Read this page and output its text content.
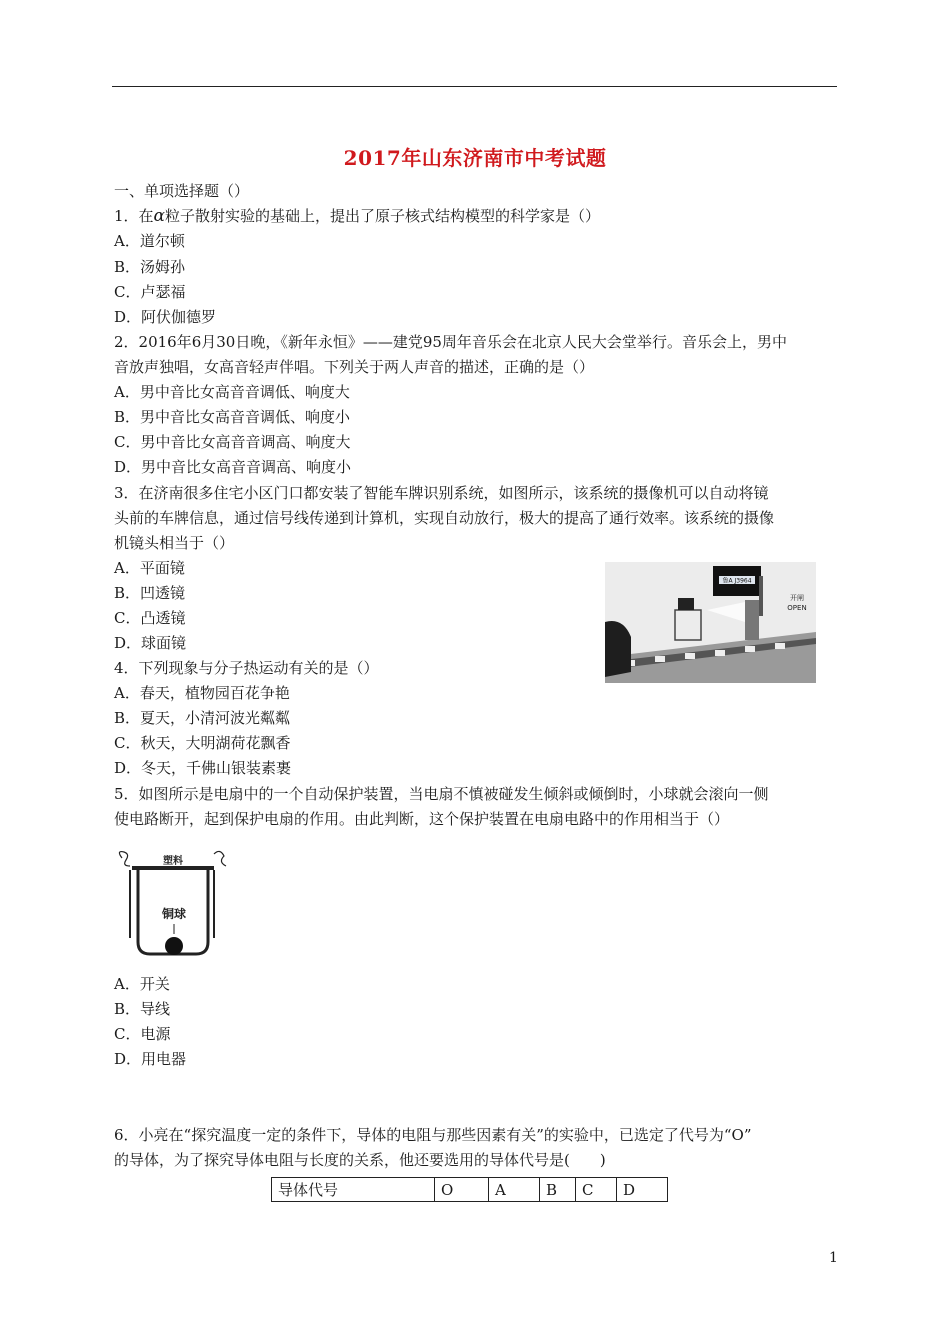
2017年山东济南市中考试题
一、单项选择题（）
1．在α粒子散射实验的基础上，提出了原子核式结构模型的科学家是（）
A．道尔顿
B．汤姆孙
C．卢瑟福
D．阿伏伽德罗
2．2016年6月30日晚，《新年永恒》——建党95周年音乐会在北京人民大会堂举行。音乐会上，男中
音放声独唱，女高音轻声伴唱。下列关于两人声音的描述，正确的是（）
A．男中音比女高音音调低、响度大
B．男中音比女高音音调低、响度小
C．男中音比女高音音调高、响度大
D．男中音比女高音音调高、响度小
3．在济南很多住宅小区门口都安装了智能车牌识别系统，如图所示，该系统的摄像机可以自动将镜
头前的车牌信息，通过信号线传递到计算机，实现自动放行，极大的提高了通行效率。该系统的摄像
机镜头相当于（）
A．平面镜
B．凹透镜
C．凸透镜
D．球面镜
鲁A J3964
开闸
OPEN
4．下列现象与分子热运动有关的是（）
A．春天，植物园百花争艳
B．夏天，小清河波光粼粼
C．秋天，大明湖荷花飘香
D．冬天，千佛山银装素裹
5．如图所示是电扇中的一个自动保护装置，当电扇不慎被碰发生倾斜或倾倒时，小球就会滚向一侧
使电路断开，起到保护电扇的作用。由此判断，这个保护装置在电扇电路中的作用相当于（）
塑料
铜球
A．开关
B．导线
C．电源
D．用电器
6．小亮在“探究温度一定的条件下，导体的电阻与那些因素有关”的实验中，已选定了代号为“O”
的导体，为了探究导体电阻与长度的关系，他还要选用的导体代号是(　　)
导体代号	O	A	B	C	D
1
